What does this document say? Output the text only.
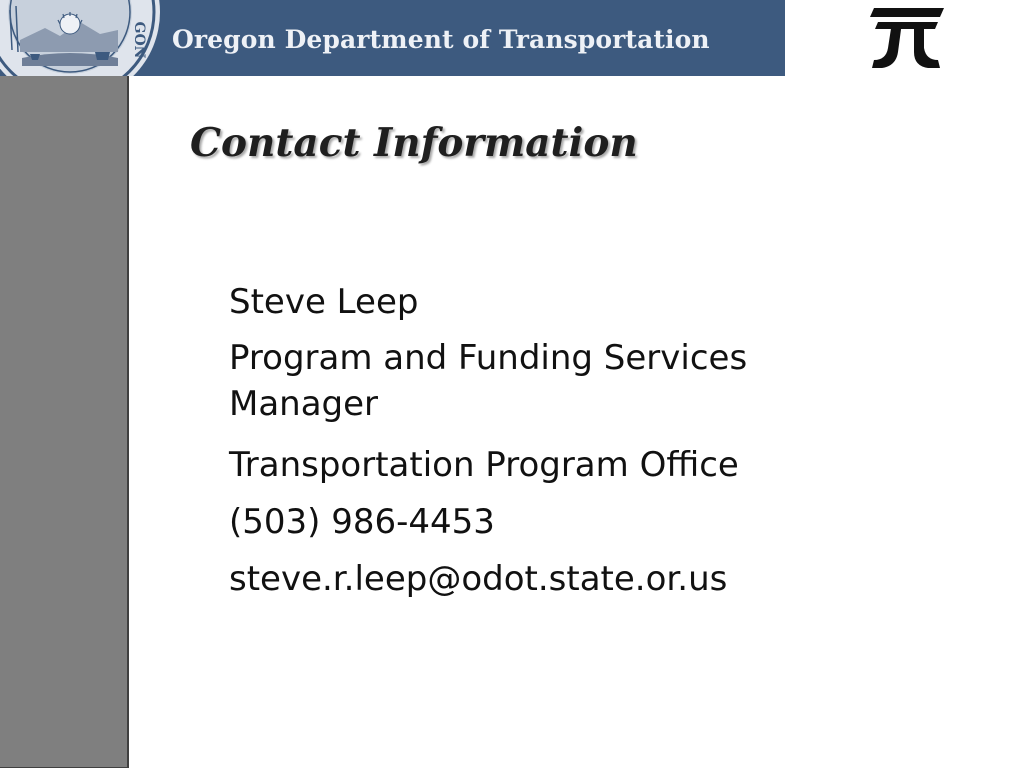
GON Oregon Department of Transportation
Contact Information
Steve Leep
Program and Funding Services Manager
Transportation Program Office
(503) 986-4453
steve.r.leep@odot.state.or.us
